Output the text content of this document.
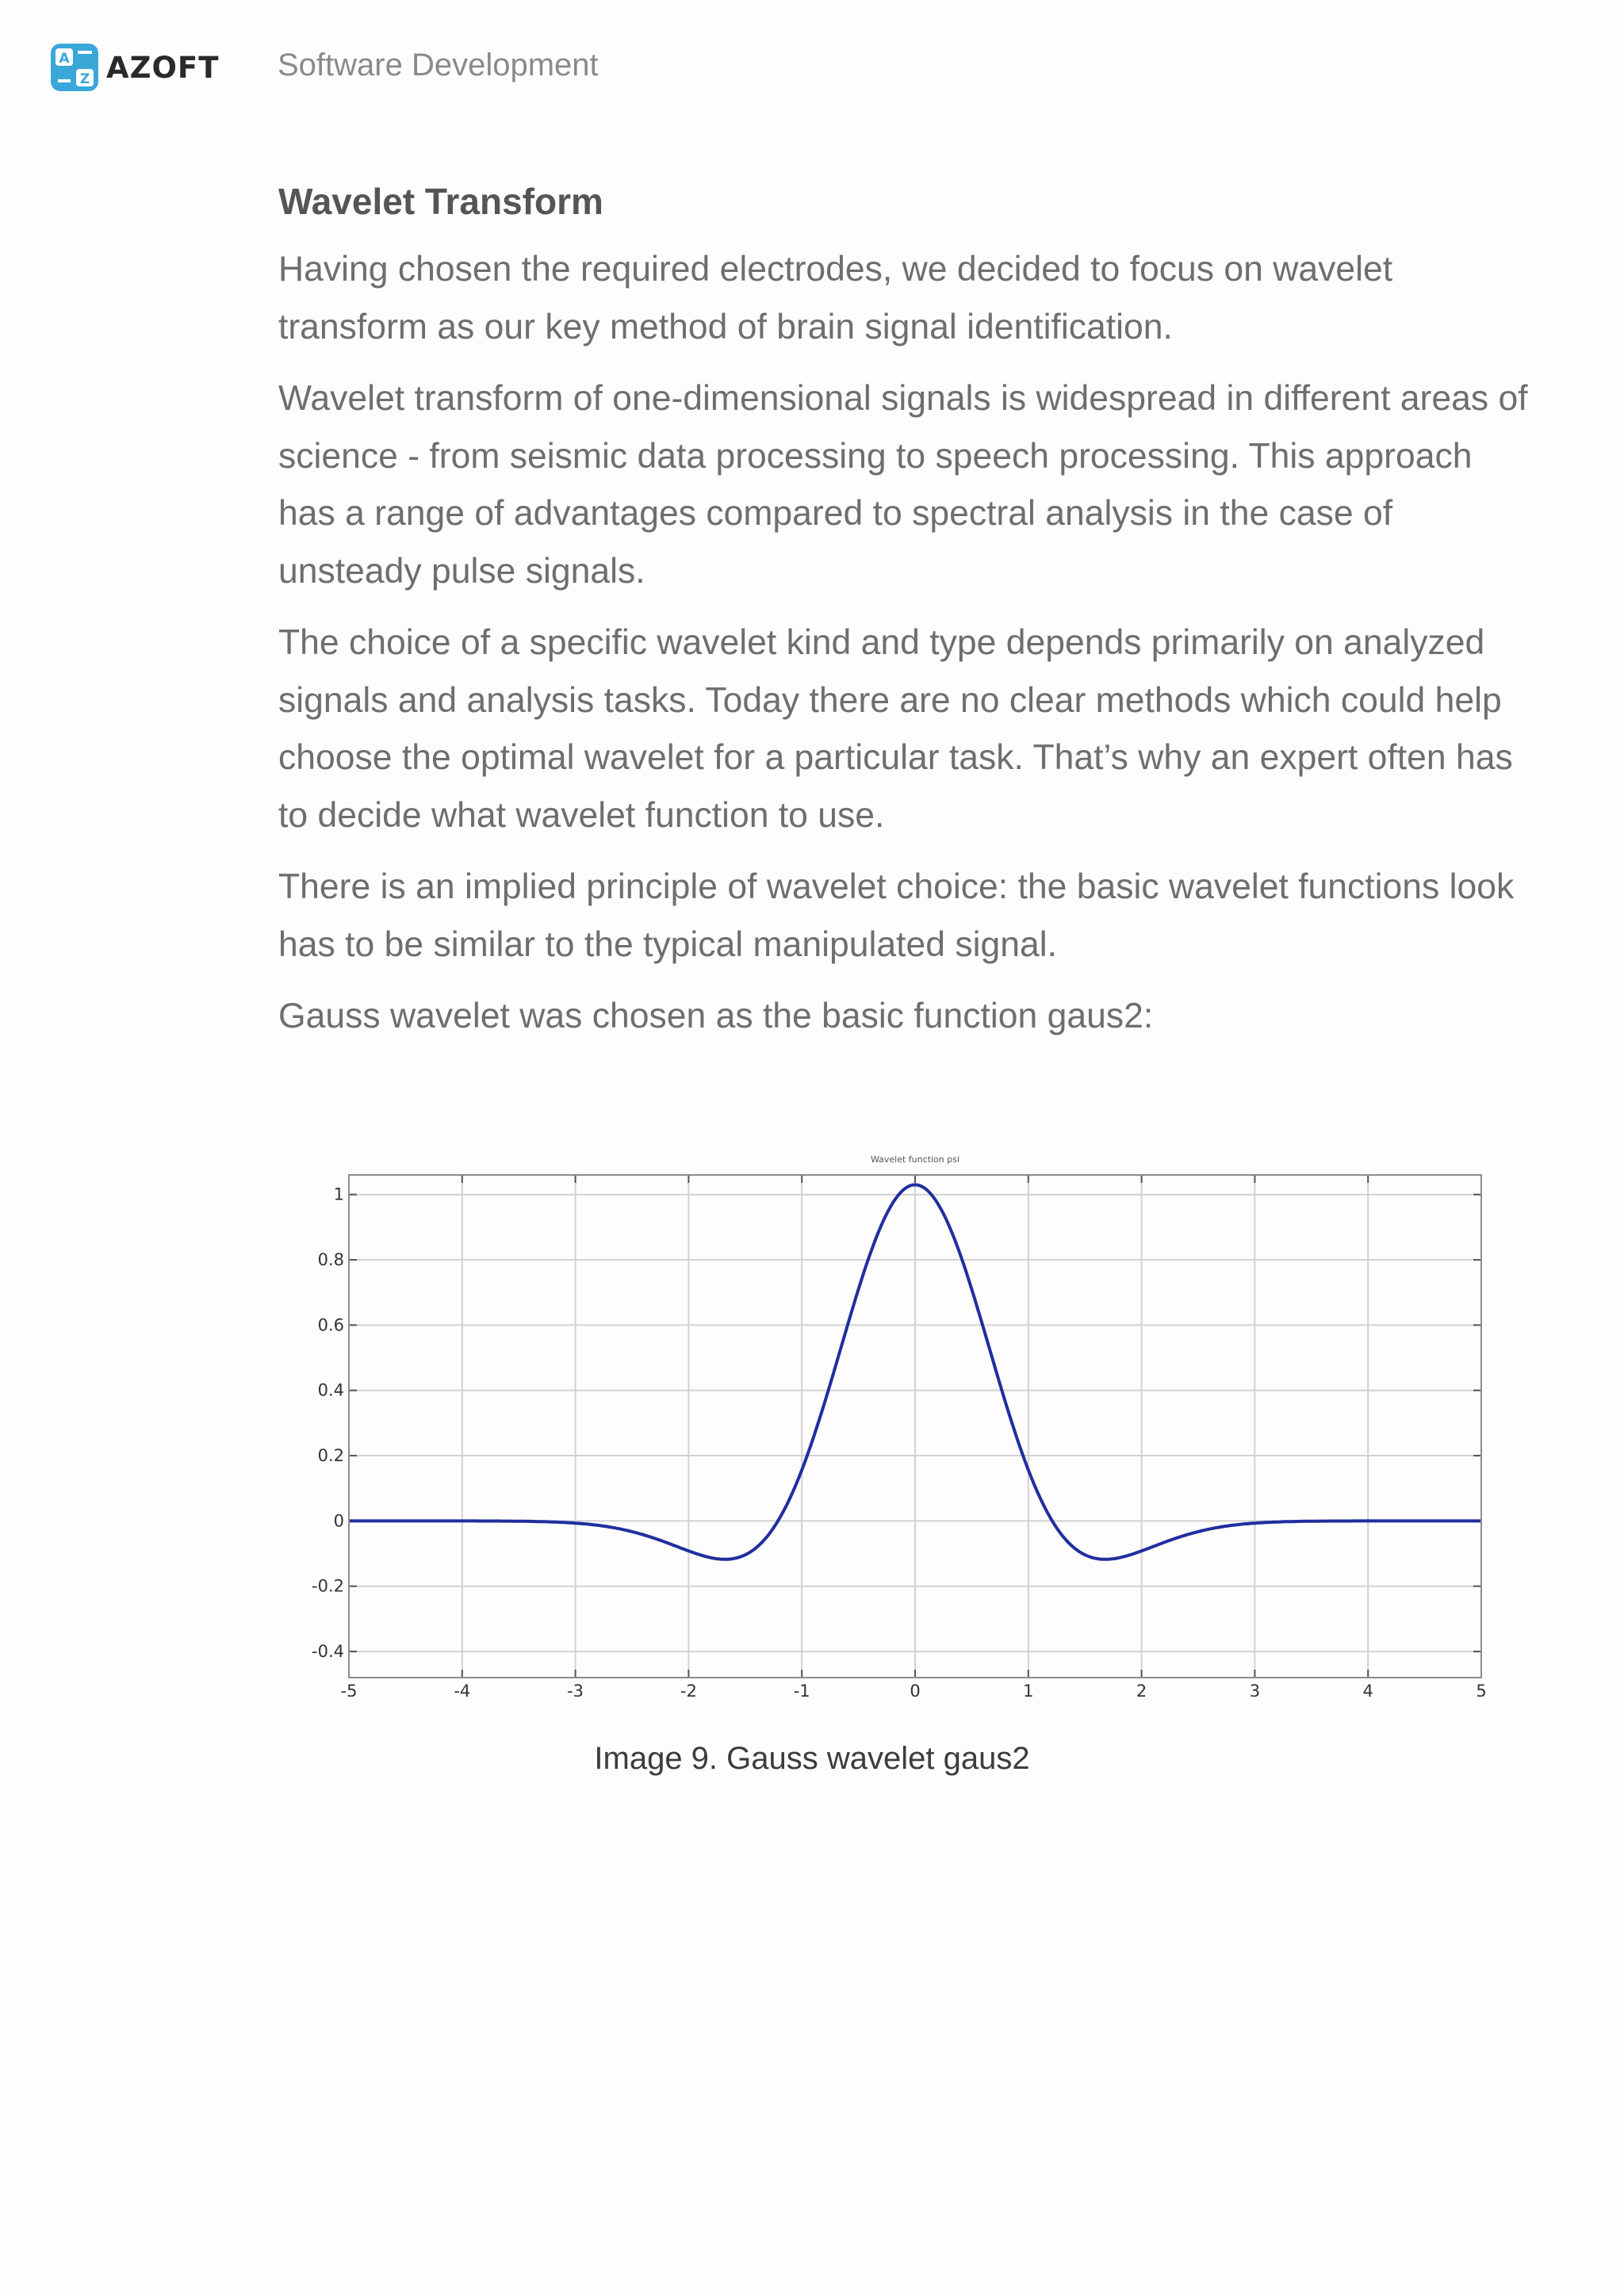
A
Z AZOFT Software Development
Wavelet Transform

Having chosen the required electrodes, we decided to focus on wavelet transform as our key method of brain signal identification.

Wavelet transform of one-dimensional signals is widespread in different areas of science - from seismic data processing to speech processing. This approach has a range of advantages compared to spectral analysis in the case of unsteady pulse signals.

The choice of a specific wavelet kind and type depends primarily on analyzed signals and analysis tasks. Today there are no clear methods which could help choose the optimal wavelet for a particular task. That’s why an expert often has to decide what wavelet function to use.

There is an implied principle of wavelet choice: the basic wavelet functions look has to be similar to the typical manipulated signal.

Gauss wavelet was chosen as the basic function gaus2:

-5	-4	-3	-2	-1	0	1	2	3	4	5
-0.4
-0.2
0
0.2
0.4
0.6
0.8
1
Wavelet function psi
Image 9. Gauss wavelet gaus2
